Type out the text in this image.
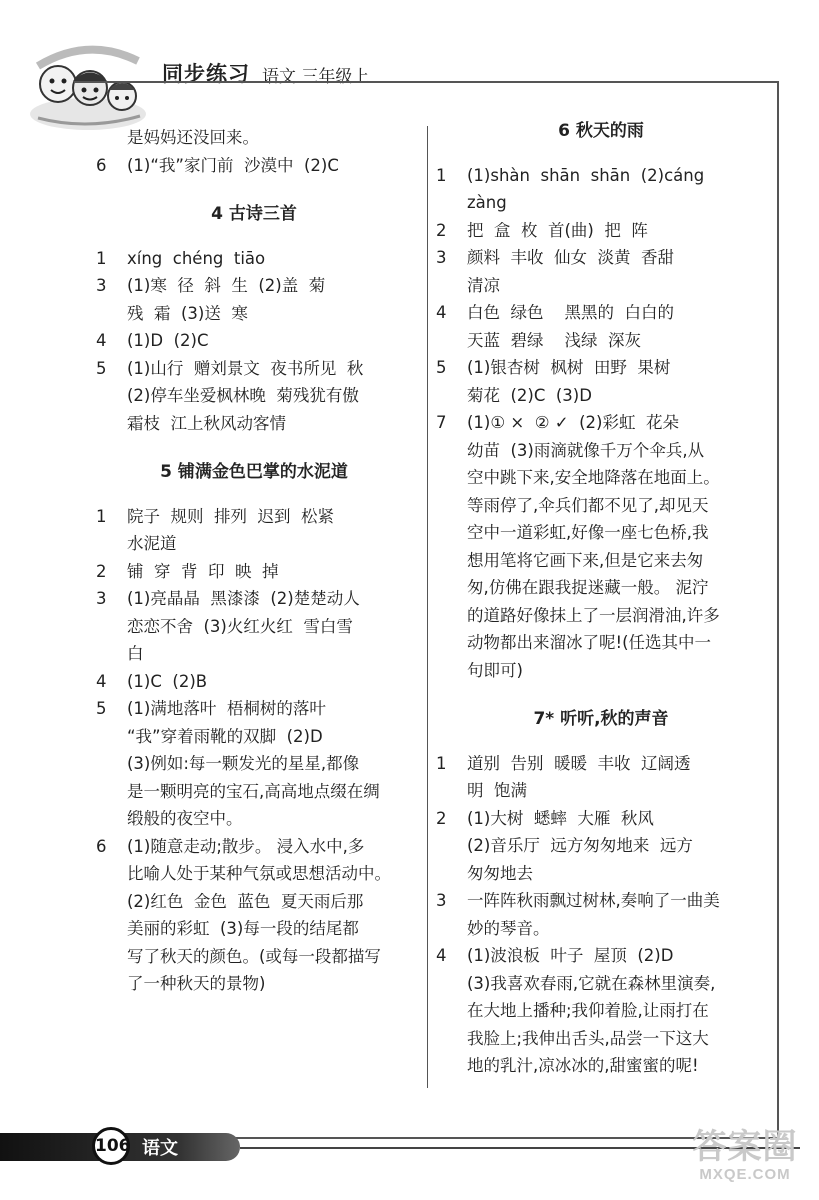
同步练习 语文 三年级上
是妈妈还没回来。
6 (1)“我”家门前  沙漠中  (2)C
4 古诗三首
1 xíng  chéng  tiāo
3 (1)寒  径  斜  生  (2)盖  菊
残  霜  (3)送  寒
4 (1)D  (2)C
5 (1)山行  赠刘景文  夜书所见  秋
(2)停车坐爱枫林晚  菊残犹有傲
霜枝  江上秋风动客情
5 铺满金色巴掌的水泥道
1 院子  规则  排列  迟到  松紧
水泥道
2 铺  穿  背  印  映  掉
3 (1)亮晶晶  黑漆漆  (2)楚楚动人
恋恋不舍  (3)火红火红  雪白雪
白
4 (1)C  (2)B
5 (1)满地落叶  梧桐树的落叶
“我”穿着雨靴的双脚  (2)D
(3)例如:每一颗发光的星星,都像
是一颗明亮的宝石,高高地点缀在绸
缎般的夜空中。
6 (1)随意走动;散步。 浸入水中,多
比喻人处于某种气氛或思想活动中。
(2)红色  金色  蓝色  夏天雨后那
美丽的彩虹  (3)每一段的结尾都
写了秋天的颜色。(或每一段都描写
了一种秋天的景物)
6 秋天的雨
1 (1)shàn  shān  shān  (2)cáng
zàng
2 把  盒  枚  首(曲)  把  阵
3 颜料  丰收  仙女  淡黄  香甜
清凉
4 白色  绿色    黑黑的  白白的
天蓝  碧绿    浅绿  深灰
5 (1)银杏树  枫树  田野  果树
菊花  (2)C  (3)D
7 (1)① ×  ② ✓  (2)彩虹  花朵
幼苗  (3)雨滴就像千万个伞兵,从
空中跳下来,安全地降落在地面上。
等雨停了,伞兵们都不见了,却见天
空中一道彩虹,好像一座七色桥,我
想用笔将它画下来,但是它来去匆
匆,仿佛在跟我捉迷藏一般。 泥泞
的道路好像抹上了一层润滑油,许多
动物都出来溜冰了呢!(任选其中一
句即可)
7* 听听,秋的声音
1 道别  告别  暖暖  丰收  辽阔透
明  饱满
2 (1)大树  蟋蟀  大雁  秋风
(2)音乐厅  远方匆匆地来  远方
匆匆地去
3 一阵阵秋雨飘过树林,奏响了一曲美
妙的琴音。
4 (1)波浪板  叶子  屋顶  (2)D
(3)我喜欢春雨,它就在森林里演奏,
在大地上播种;我仰着脸,让雨打在
我脸上;我伸出舌头,品尝一下这大
地的乳汁,凉冰冰的,甜蜜蜜的呢!
106 语文	答案圈
MXQE.COM
